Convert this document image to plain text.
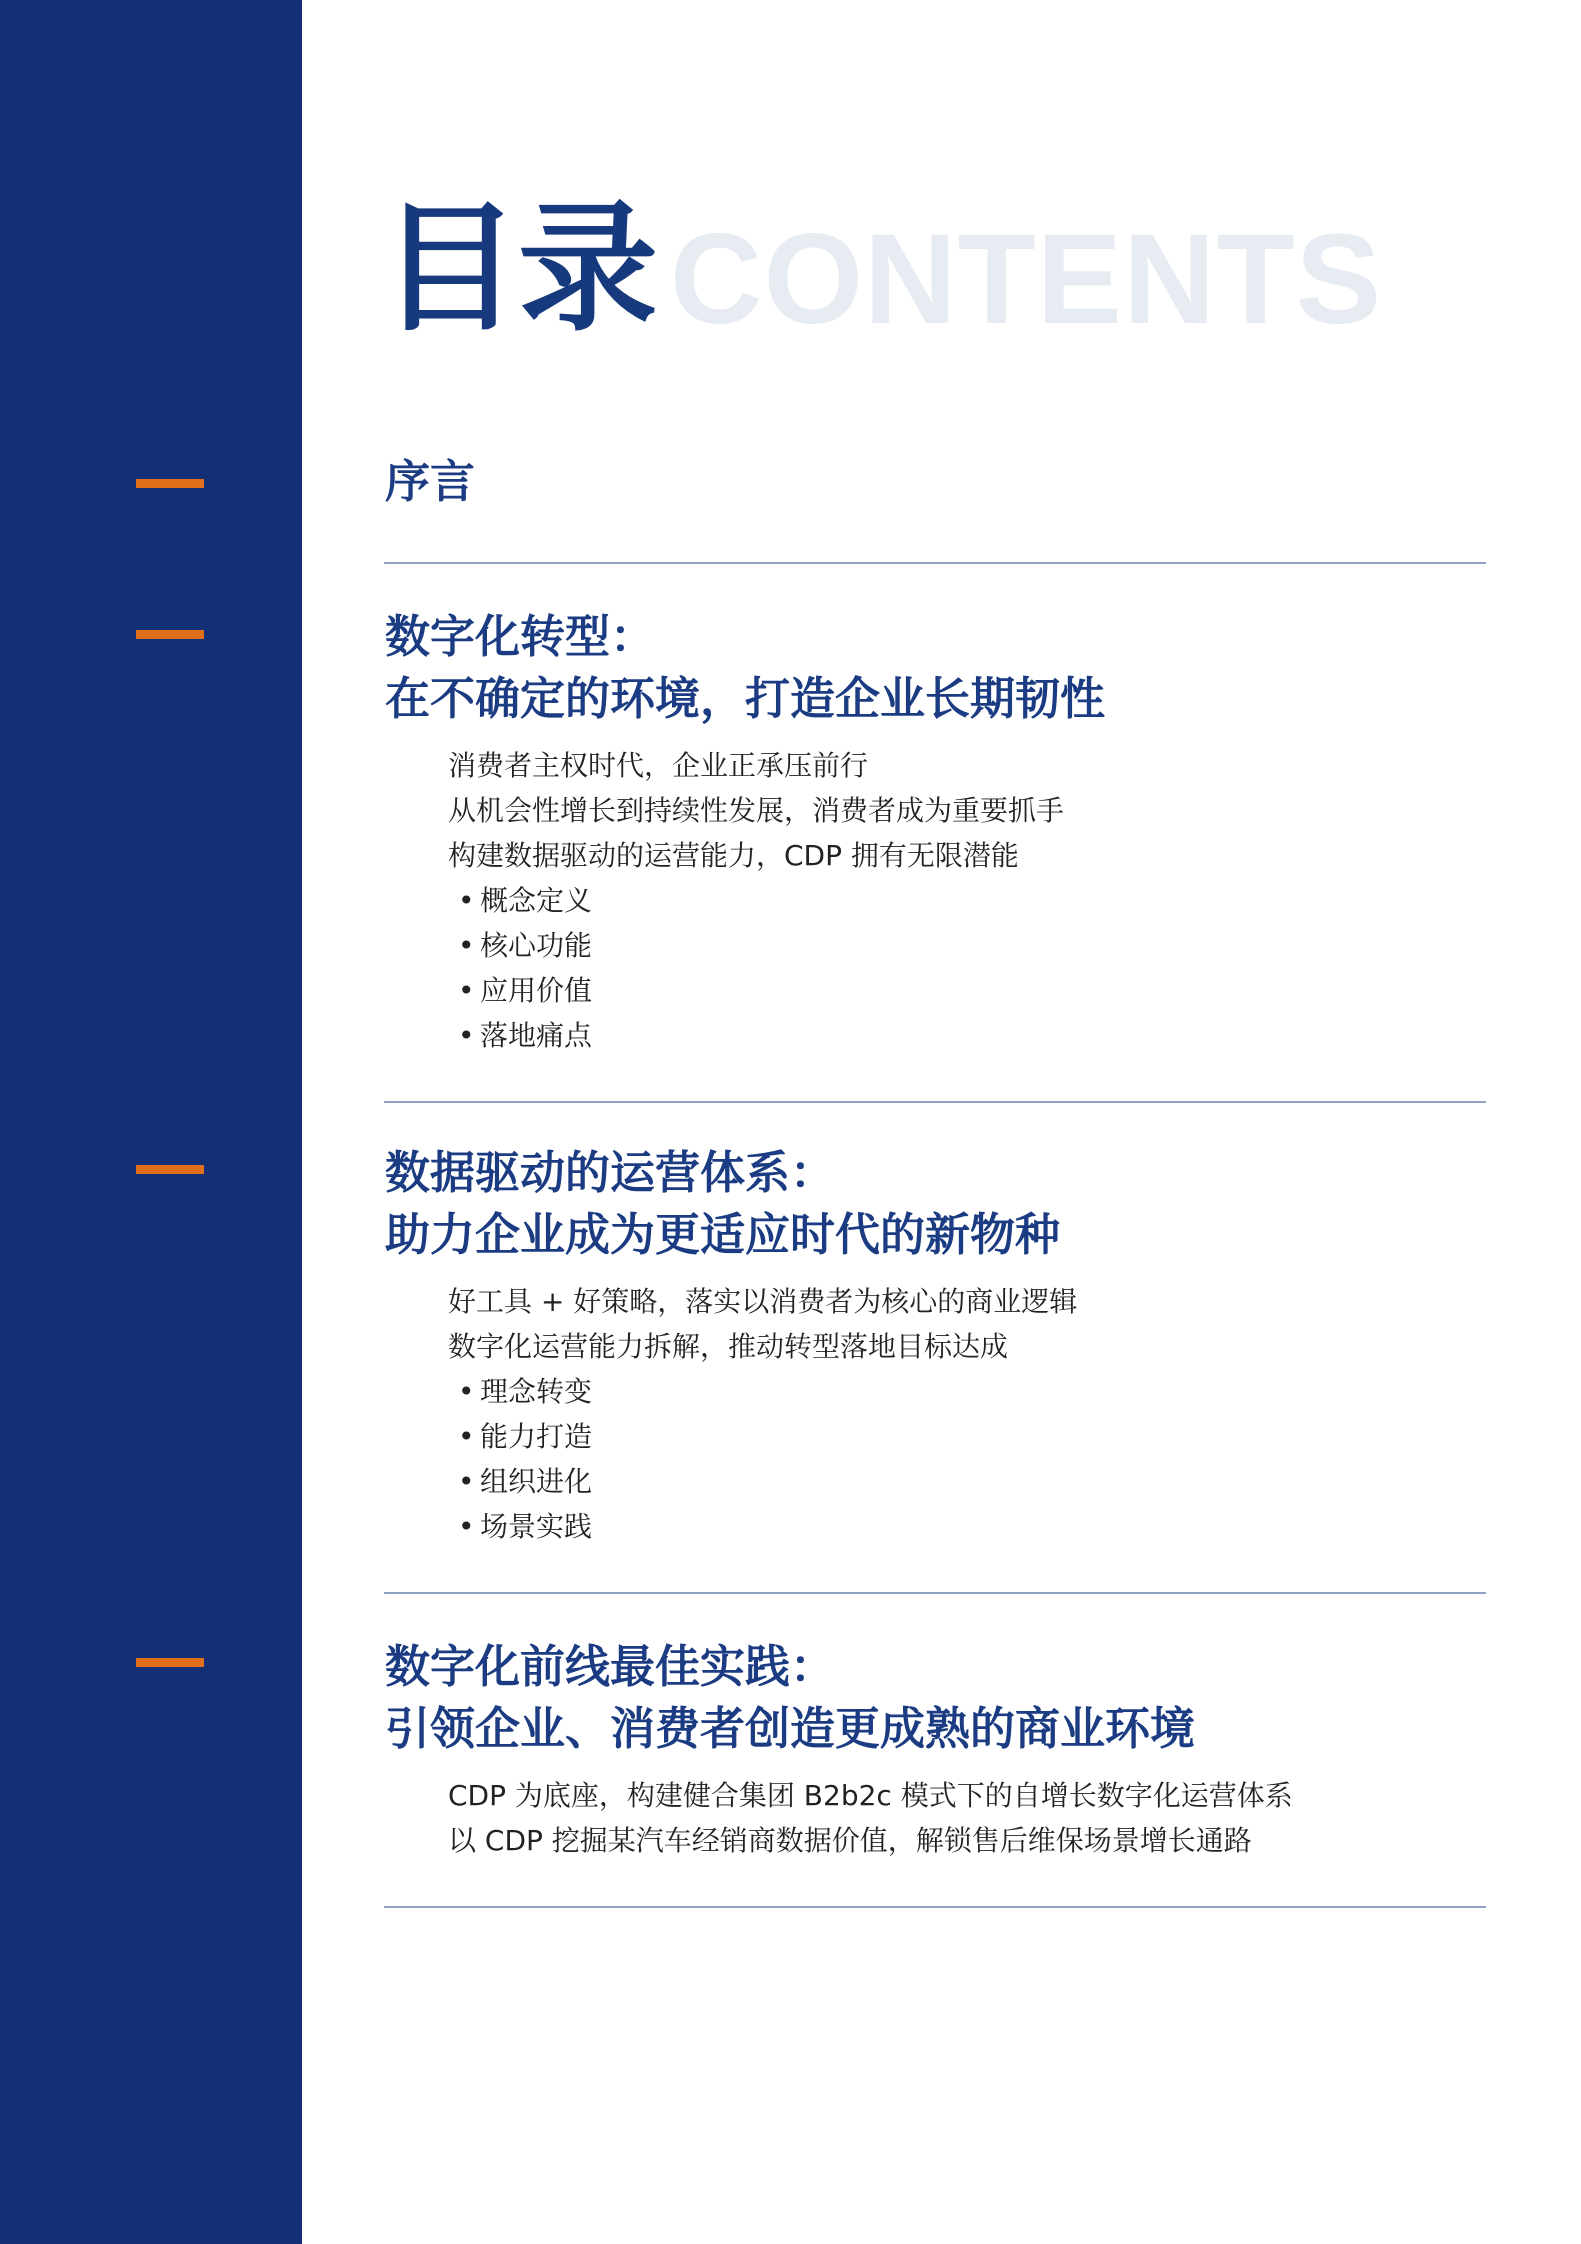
目录 CONTENTS
序言
数字化转型：
在不确定的环境，打造企业长期韧性
消费者主权时代，企业正承压前行
从机会性增长到持续性发展，消费者成为重要抓手
构建数据驱动的运营能力，CDP 拥有无限潜能
• 概念定义
• 核心功能
• 应用价值
• 落地痛点
数据驱动的运营体系：
助力企业成为更适应时代的新物种
好工具 + 好策略，落实以消费者为核心的商业逻辑
数字化运营能力拆解，推动转型落地目标达成
• 理念转变
• 能力打造
• 组织进化
• 场景实践
数字化前线最佳实践：
引领企业、消费者创造更成熟的商业环境
CDP 为底座，构建健合集团 B2b2c 模式下的自增长数字化运营体系
以 CDP 挖掘某汽车经销商数据价值，解锁售后维保场景增长通路
